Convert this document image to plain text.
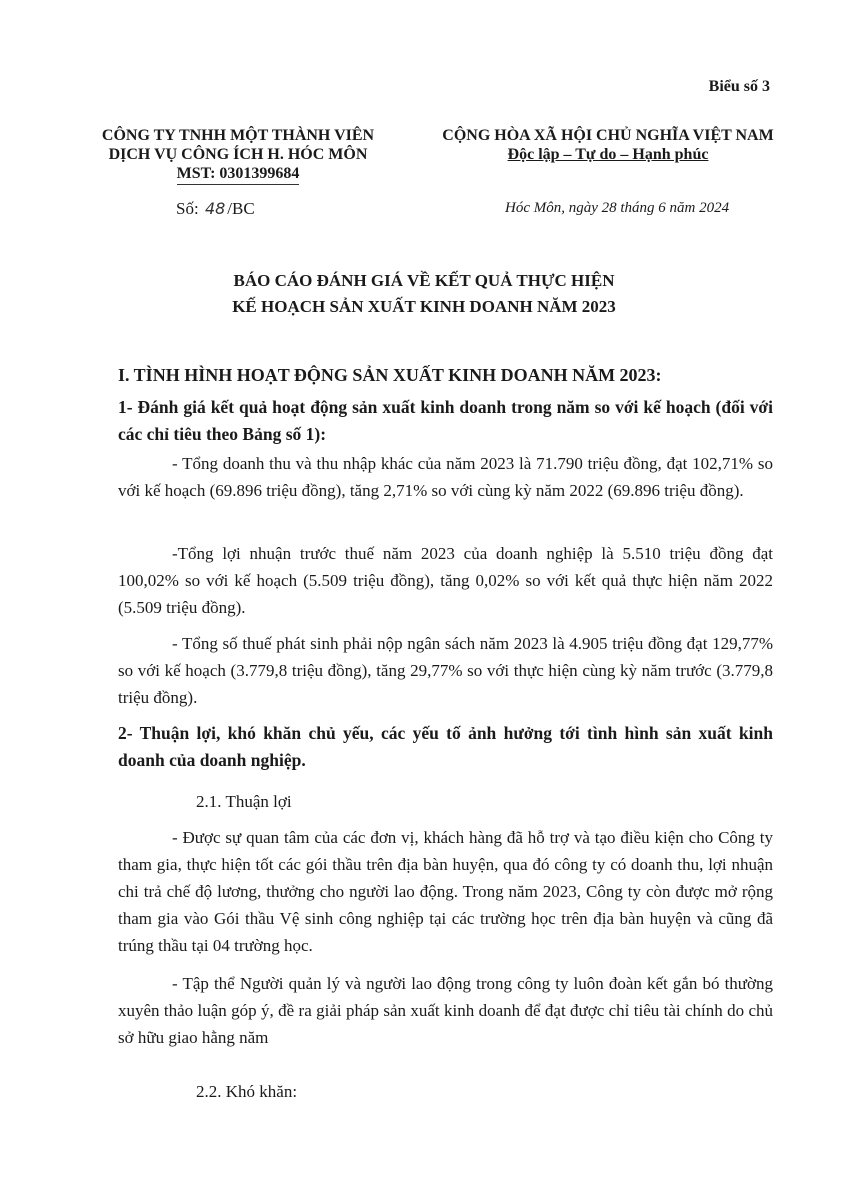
Biểu số 3
CÔNG TY TNHH MỘT THÀNH VIÊN
DỊCH VỤ CÔNG ÍCH H. HÓC MÔN
MST: 0301399684
CỘNG HÒA XÃ HỘI CHỦ NGHĨA VIỆT NAM
Độc lập – Tự do – Hạnh phúc
Số: 48 /BC	Hóc Môn, ngày 28 tháng 6 năm 2024
BÁO CÁO ĐÁNH GIÁ VỀ KẾT QUẢ THỰC HIỆN
KẾ HOẠCH SẢN XUẤT KINH DOANH NĂM 2023
I. TÌNH HÌNH HOẠT ĐỘNG SẢN XUẤT KINH DOANH NĂM 2023:
1- Đánh giá kết quả hoạt động sản xuất kinh doanh trong năm so với kế hoạch (đối với các chỉ tiêu theo Bảng số 1):
- Tổng doanh thu và thu nhập khác của năm 2023 là 71.790 triệu đồng, đạt 102,71% so với kế hoạch (69.896 triệu đồng), tăng 2,71% so với cùng kỳ năm 2022 (69.896 triệu đồng).
-Tổng lợi nhuận trước thuế năm 2023 của doanh nghiệp là 5.510 triệu đồng đạt 100,02% so với kế hoạch (5.509 triệu đồng), tăng 0,02% so với kết quả thực hiện năm 2022 (5.509 triệu đồng).
- Tổng số thuế phát sinh phải nộp ngân sách năm 2023 là 4.905 triệu đồng đạt 129,77% so với kế hoạch (3.779,8 triệu đồng), tăng 29,77% so với thực hiện cùng kỳ năm trước (3.779,8 triệu đồng).
2- Thuận lợi, khó khăn chủ yếu, các yếu tố ảnh hưởng tới tình hình sản xuất kinh doanh của doanh nghiệp.
2.1. Thuận lợi
- Được sự quan tâm của các đơn vị, khách hàng đã hỗ trợ và tạo điều kiện cho Công ty tham gia, thực hiện tốt các gói thầu trên địa bàn huyện, qua đó công ty có doanh thu, lợi nhuận chi trả chế độ lương, thưởng cho người lao động. Trong năm 2023, Công ty còn được mở rộng tham gia vào Gói thầu Vệ sinh công nghiệp tại các trường học trên địa bàn huyện và cũng đã trúng thầu tại 04 trường học.
- Tập thể Người quản lý và người lao động trong công ty luôn đoàn kết gắn bó thường xuyên thảo luận góp ý, đề ra giải pháp sản xuất kinh doanh để đạt được chỉ tiêu tài chính do chủ sở hữu giao hằng năm
2.2. Khó khăn:
